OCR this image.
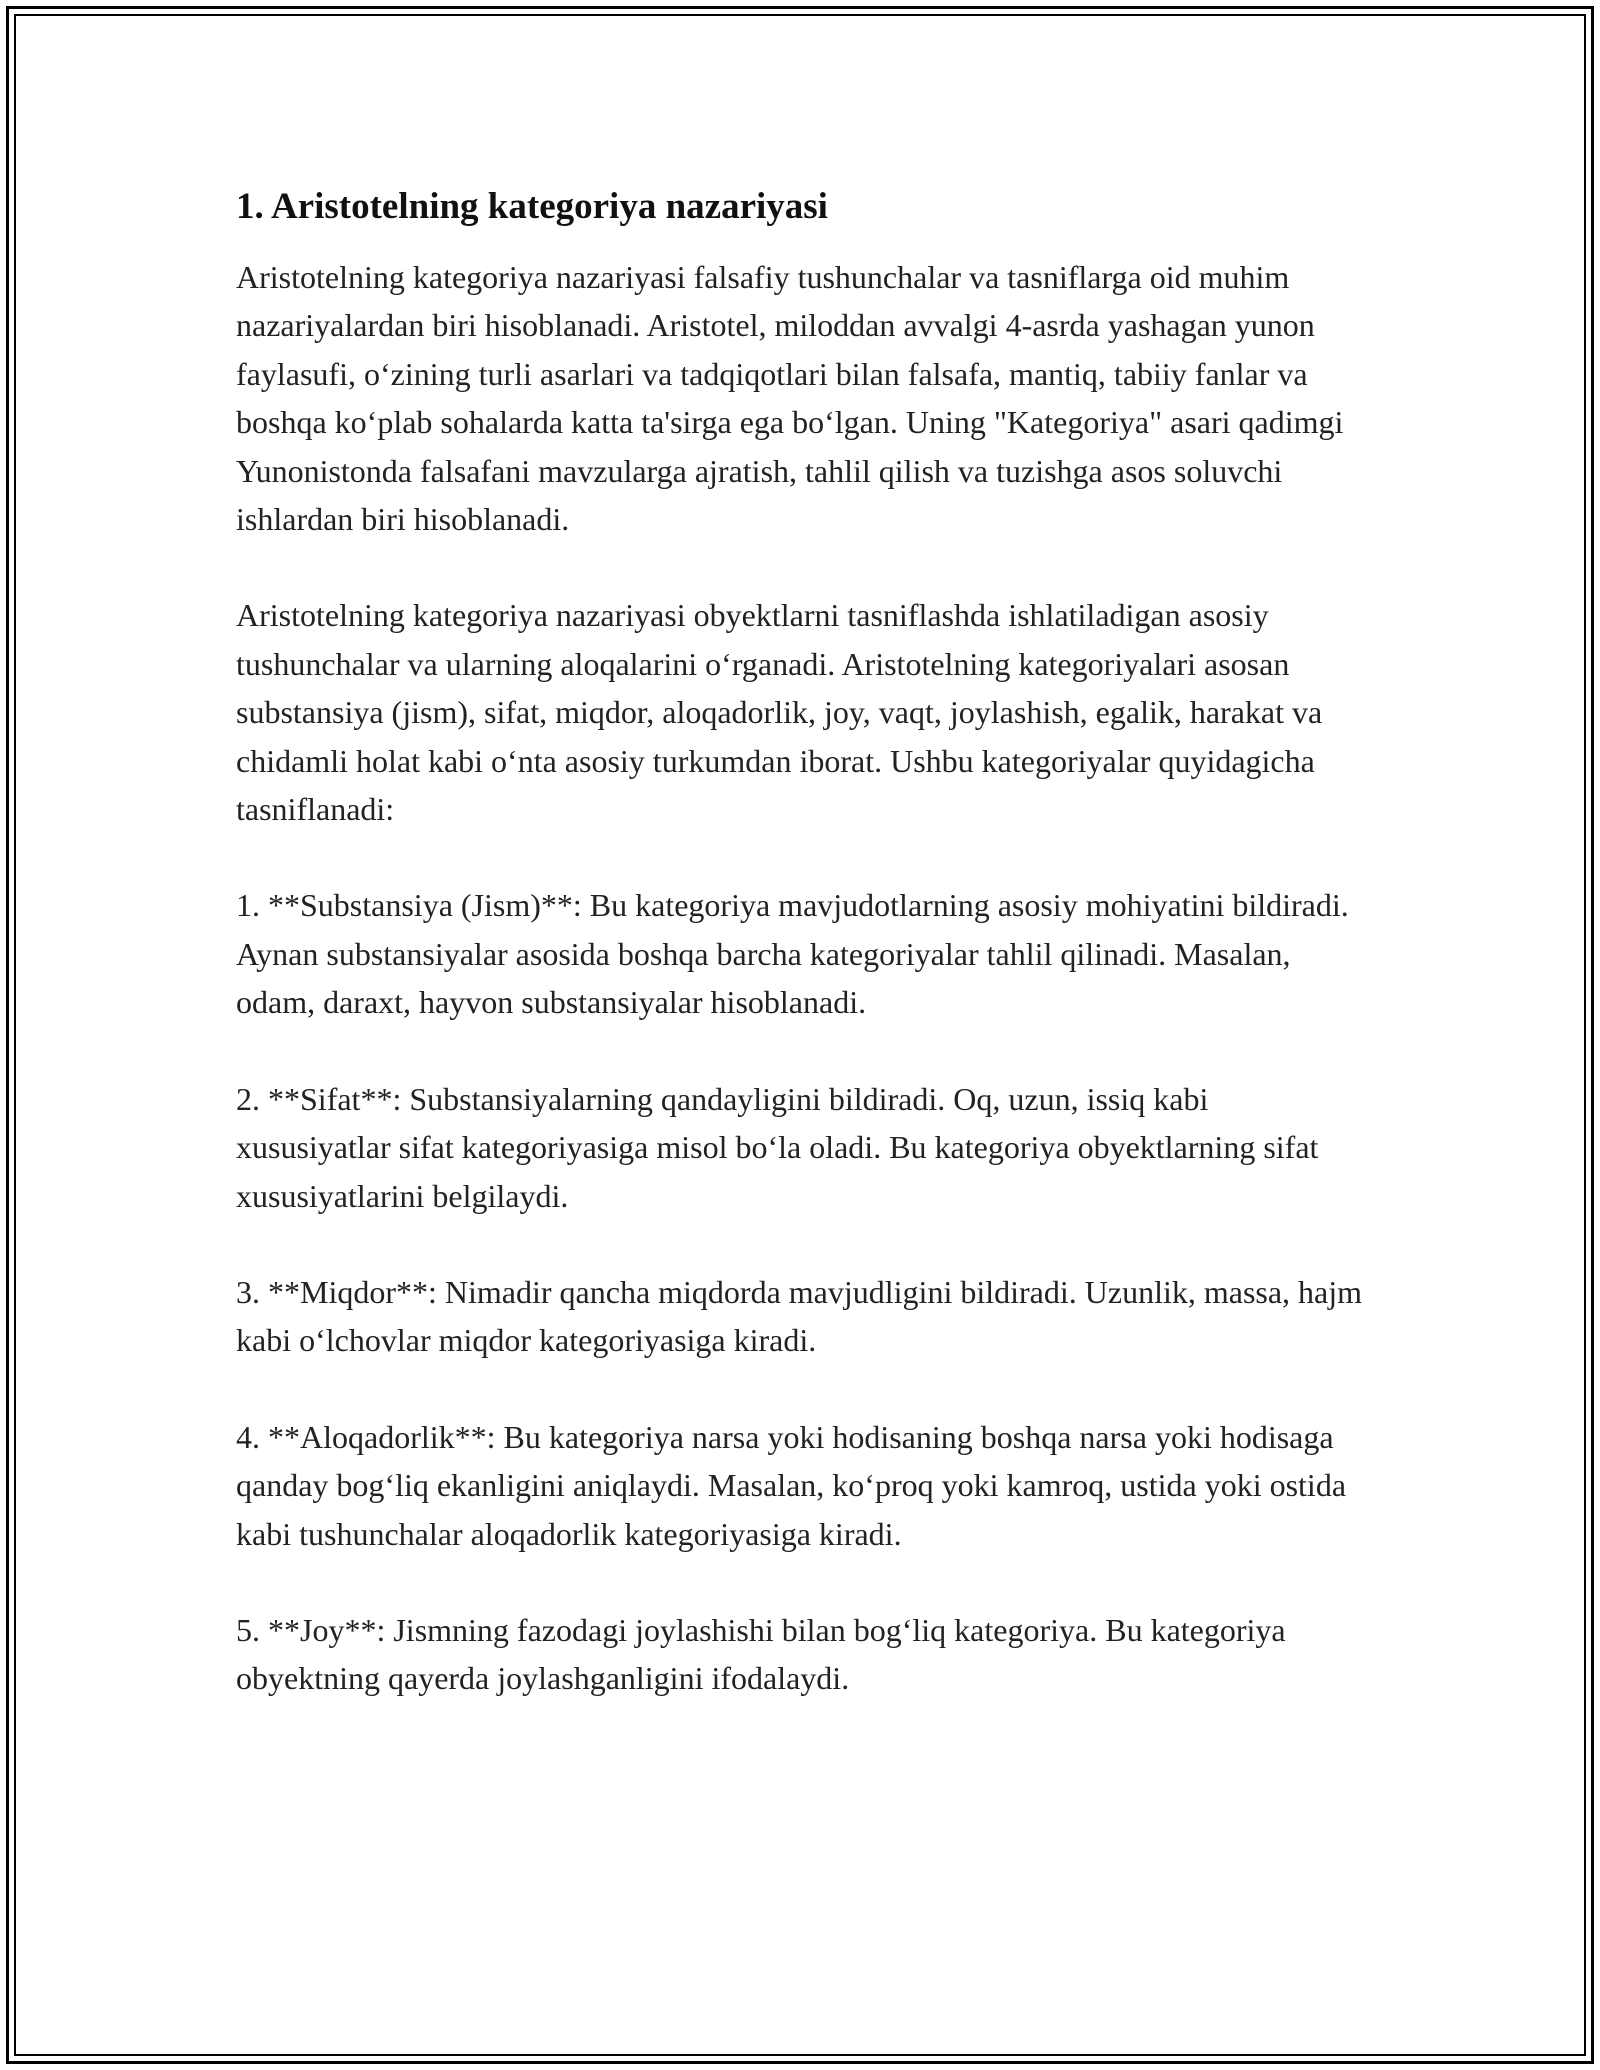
1. Aristotelning kategoriya nazariyasi

Aristotelning kategoriya nazariyasi falsafiy tushunchalar va tasniflarga oid muhim nazariyalardan biri hisoblanadi. Aristotel, miloddan avvalgi 4-asrda yashagan yunon faylasufi, o‘zining turli asarlari va tadqiqotlari bilan falsafa, mantiq, tabiiy fanlar va boshqa ko‘plab sohalarda katta ta'sirga ega bo‘lgan. Uning "Kategoriya" asari qadimgi Yunonistonda falsafani mavzularga ajratish, tahlil qilish va tuzishga asos soluvchi ishlardan biri hisoblanadi.

Aristotelning kategoriya nazariyasi obyektlarni tasniflashda ishlatiladigan asosiy tushunchalar va ularning aloqalarini o‘rganadi. Aristotelning kategoriyalari asosan substansiya (jism), sifat, miqdor, aloqadorlik, joy, vaqt, joylashish, egalik, harakat va chidamli holat kabi o‘nta asosiy turkumdan iborat. Ushbu kategoriyalar quyidagicha tasniflanadi:

1. **Substansiya (Jism)**: Bu kategoriya mavjudotlarning asosiy mohiyatini bildiradi. Aynan substansiyalar asosida boshqa barcha kategoriyalar tahlil qilinadi. Masalan, odam, daraxt, hayvon substansiyalar hisoblanadi.

2. **Sifat**: Substansiyalarning qandayligini bildiradi. Oq, uzun, issiq kabi xususiyatlar sifat kategoriyasiga misol bo‘la oladi. Bu kategoriya obyektlarning sifat xususiyatlarini belgilaydi.

3. **Miqdor**: Nimadir qancha miqdorda mavjudligini bildiradi. Uzunlik, massa, hajm kabi o‘lchovlar miqdor kategoriyasiga kiradi.

4. **Aloqadorlik**: Bu kategoriya narsa yoki hodisaning boshqa narsa yoki hodisaga qanday bog‘liq ekanligini aniqlaydi. Masalan, ko‘proq yoki kamroq, ustida yoki ostida kabi tushunchalar aloqadorlik kategoriyasiga kiradi.

5. **Joy**: Jismning fazodagi joylashishi bilan bog‘liq kategoriya. Bu kategoriya obyektning qayerda joylashganligini ifodalaydi.
